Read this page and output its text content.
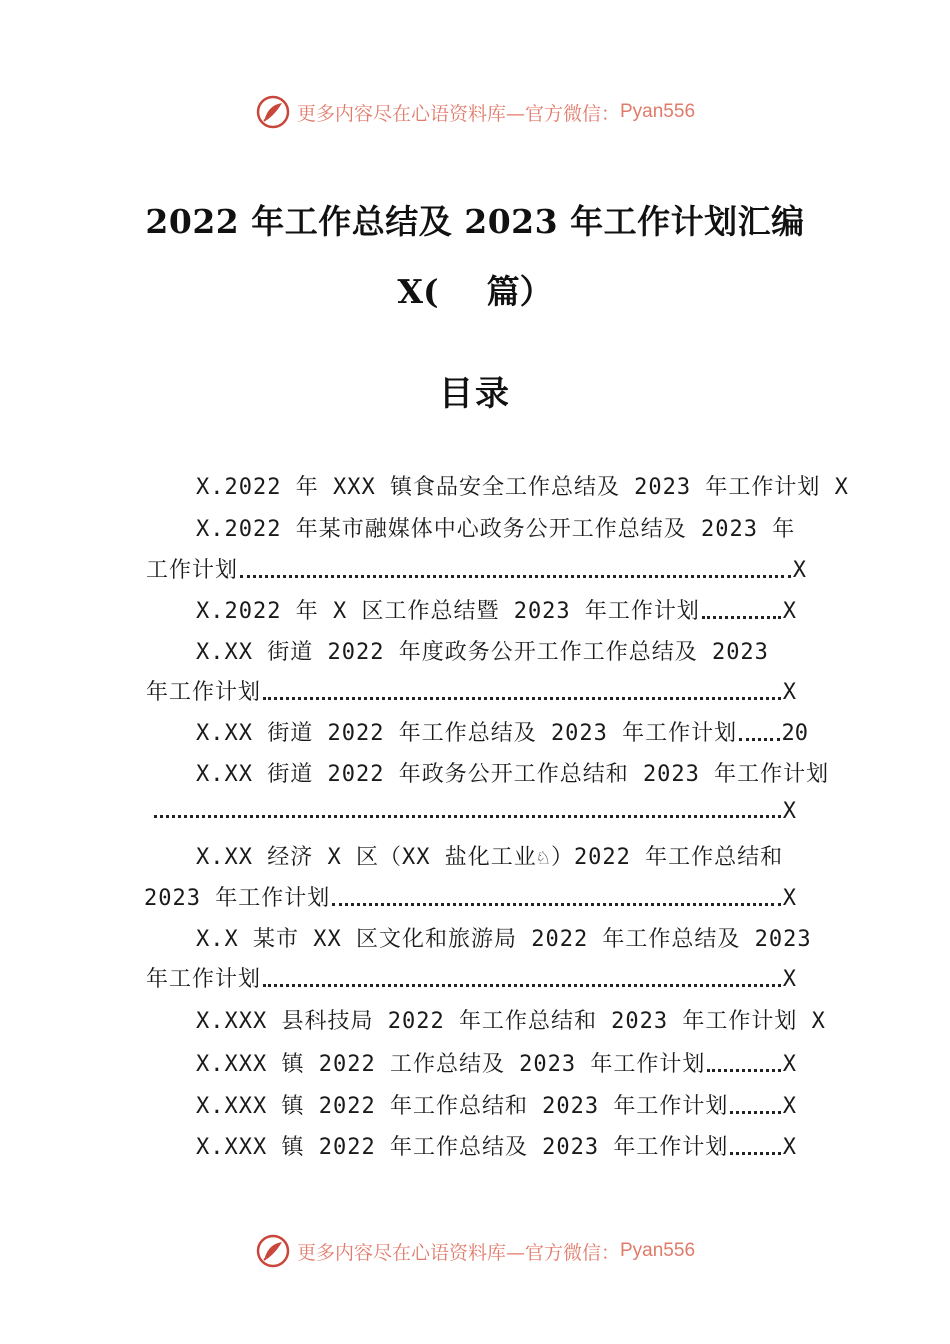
更多内容尽在心语资料库—官方微信： Pyan556
2022 年工作总结及 2023 年工作计划汇编
X( 篇）
目录
X.2022 年 XXX 镇食品安全工作总结及 2023 年工作计划 X
X.2022 年某市融媒体中心政务公开工作总结及 2023 年
工作计划	X
X.2022 年 X 区工作总结暨 2023 年工作计划	X
X.XX 街道 2022 年度政务公开工作工作总结及 2023
年工作计划	X
X.XX 街道 2022 年工作总结及 2023 年工作计划 20
X.XX 街道 2022 年政务公开工作总结和 2023 年工作计划
X
X.XX 经济 X 区（XX 盐化工业♘）2022 年工作总结和
2023 年工作计划	X
X.X 某市 XX 区文化和旅游局 2022 年工作总结及 2023
年工作计划	X
X.XXX 县科技局 2022 年工作总结和 2023 年工作计划 X
X.XXX 镇 2022 工作总结及 2023 年工作计划	X
X.XXX 镇 2022 年工作总结和 2023 年工作计划 X
X.XXX 镇 2022 年工作总结及 2023 年工作计划 X
更多内容尽在心语资料库—官方微信： Pyan556
